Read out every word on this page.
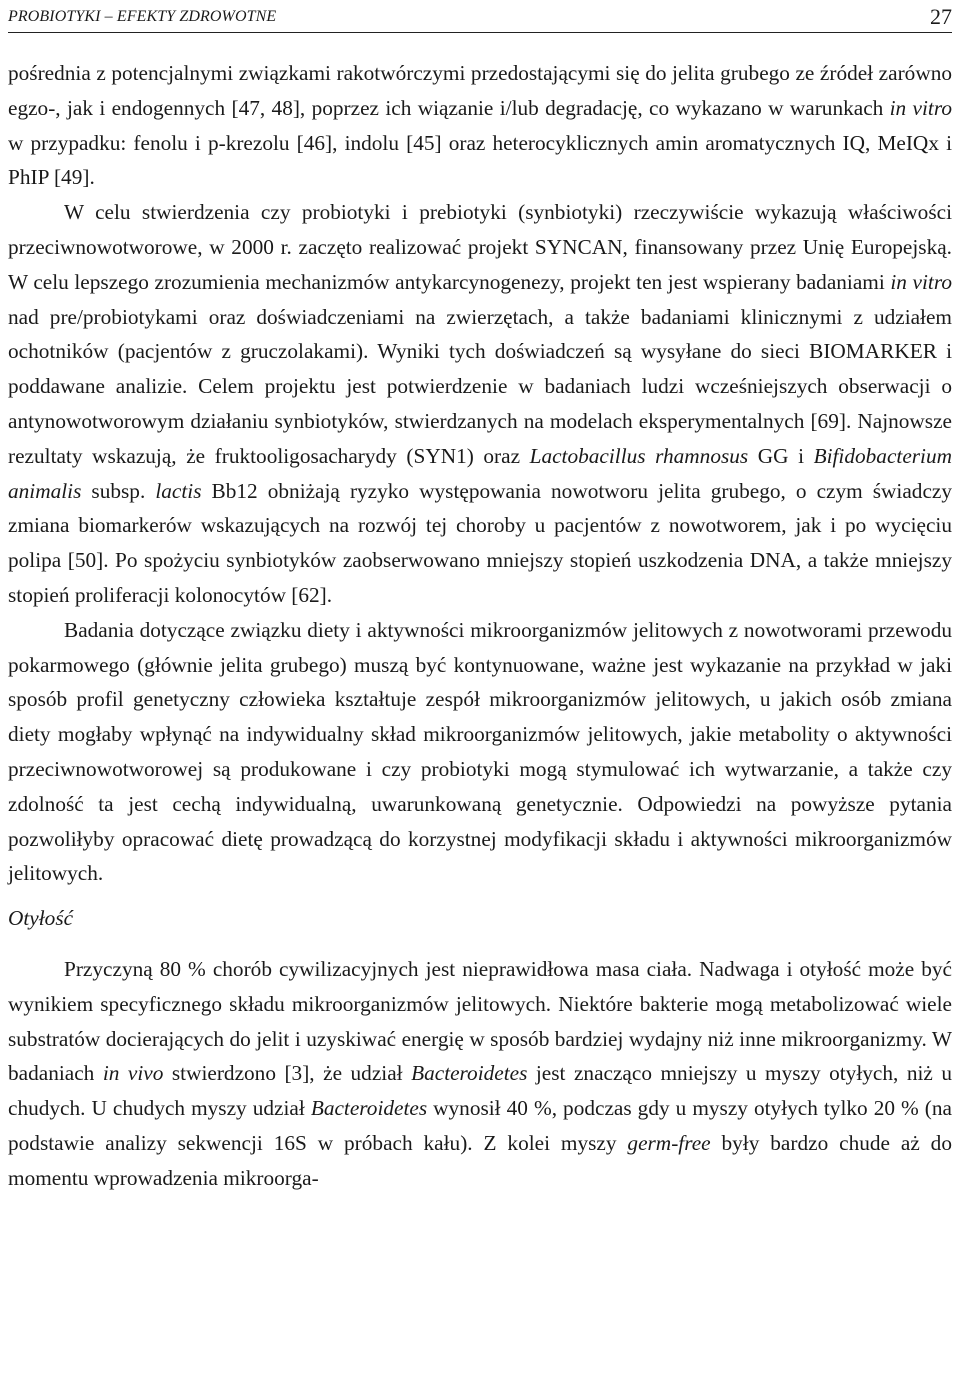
PROBIOTYKI – EFEKTY ZDROWOTNE	27

pośrednia z potencjalnymi związkami rakotwórczymi przedostającymi się do jelita grubego ze źródeł zarówno egzo-, jak i endogennych [47, 48], poprzez ich wiązanie i/lub degradację, co wykazano w warunkach in vitro w przypadku: fenolu i p-krezolu [46], indolu [45] oraz heterocyklicznych amin aromatycznych IQ, MeIQx i PhIP [49].

W celu stwierdzenia czy probiotyki i prebiotyki (synbiotyki) rzeczywiście wykazują właściwości przeciwnowotworowe, w 2000 r. zaczęto realizować projekt SYNCAN, finansowany przez Unię Europejską. W celu lepszego zrozumienia mechanizmów antykarcynogenezy, projekt ten jest wspierany badaniami in vitro nad pre/probiotykami oraz doświadczeniami na zwierzętach, a także badaniami klinicznymi z udziałem ochotników (pacjentów z gruczolakami). Wyniki tych doświadczeń są wysyłane do sieci BIOMARKER i poddawane analizie. Celem projektu jest potwierdzenie w badaniach ludzi wcześniejszych obserwacji o antynowotworowym działaniu synbiotyków, stwierdzanych na modelach eksperymentalnych [69]. Najnowsze rezultaty wskazują, że fruktooligosacharydy (SYN1) oraz Lactobacillus rhamnosus GG i Bifidobacterium animalis subsp. lactis Bb12 obniżają ryzyko występowania nowotworu jelita grubego, o czym świadczy zmiana biomarkerów wskazujących na rozwój tej choroby u pacjentów z nowotworem, jak i po wycięciu polipa [50]. Po spożyciu synbiotyków zaobserwowano mniejszy stopień uszkodzenia DNA, a także mniejszy stopień proliferacji kolonocytów [62].

Badania dotyczące związku diety i aktywności mikroorganizmów jelitowych z nowotworami przewodu pokarmowego (głównie jelita grubego) muszą być kontynuowane, ważne jest wykazanie na przykład w jaki sposób profil genetyczny człowieka kształtuje zespół mikroorganizmów jelitowych, u jakich osób zmiana diety mogłaby wpłynąć na indywidualny skład mikroorganizmów jelitowych, jakie metabolity o aktywności przeciwnowotworowej są produkowane i czy probiotyki mogą stymulować ich wytwarzanie, a także czy zdolność ta jest cechą indywidualną, uwarunkowaną genetycznie. Odpowiedzi na powyższe pytania pozwoliłyby opracować dietę prowadzącą do korzystnej modyfikacji składu i aktywności mikroorganizmów jelitowych.

Otyłość

Przyczyną 80 % chorób cywilizacyjnych jest nieprawidłowa masa ciała. Nadwaga i otyłość może być wynikiem specyficznego składu mikroorganizmów jelitowych. Niektóre bakterie mogą metabolizować wiele substratów docierających do jelit i uzyskiwać energię w sposób bardziej wydajny niż inne mikroorganizmy. W badaniach in vivo stwierdzono [3], że udział Bacteroidetes jest znacząco mniejszy u myszy otyłych, niż u chudych. U chudych myszy udział Bacteroidetes wynosił 40 %, podczas gdy u myszy otyłych tylko 20 % (na podstawie analizy sekwencji 16S w próbach kału). Z kolei myszy germ-free były bardzo chude aż do momentu wprowadzenia mikroorga-
